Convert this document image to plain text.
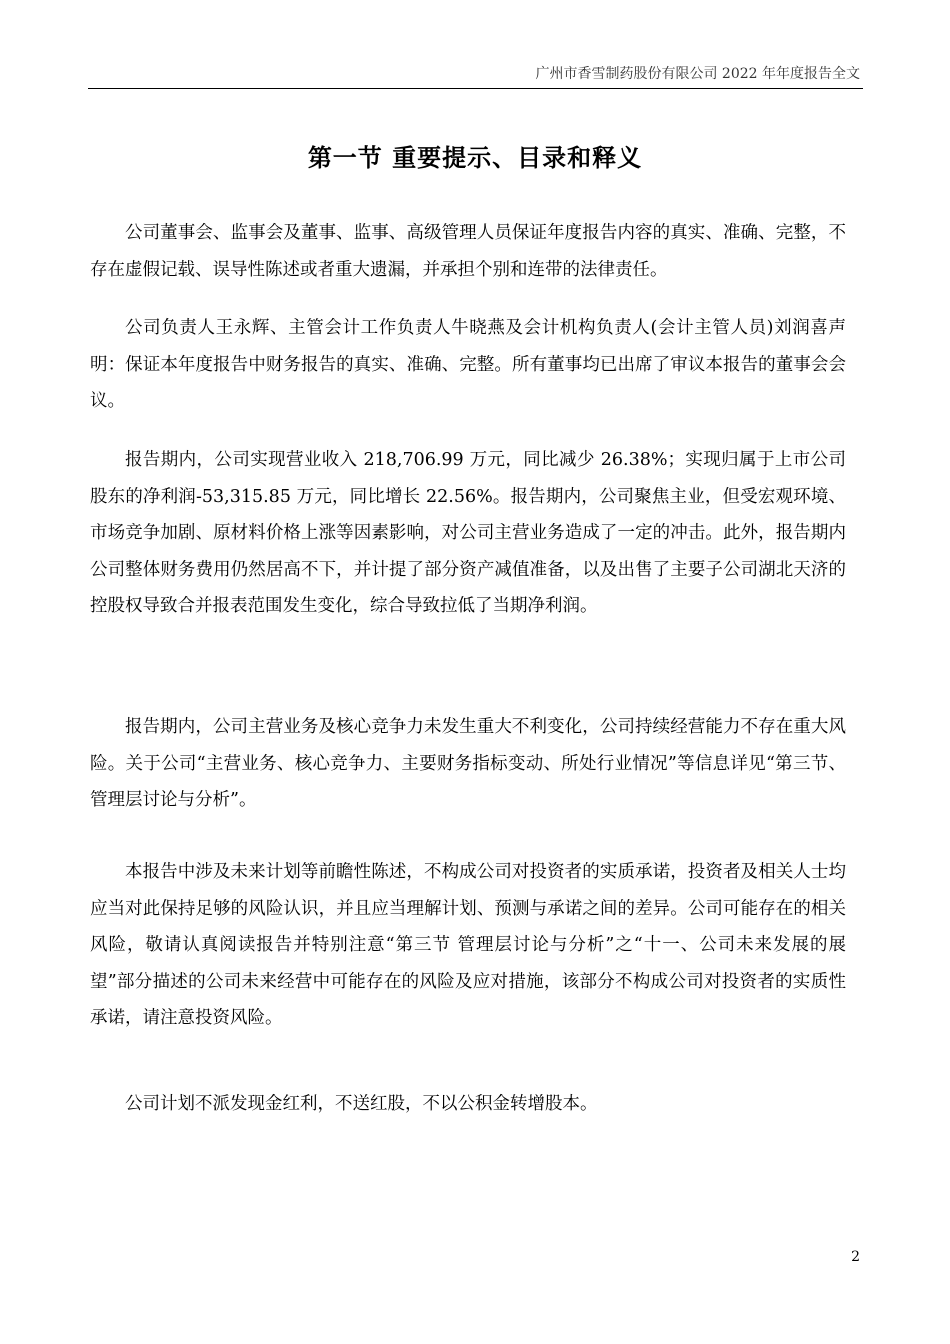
广州市香雪制药股份有限公司 2022 年年度报告全文
第一节 重要提示、目录和释义

公司董事会、监事会及董事、监事、高级管理人员保证年度报告内容的真实、准确、完整，不存在虚假记载、误导性陈述或者重大遗漏，并承担个别和连带的法律责任。

公司负责人王永辉、主管会计工作负责人牛晓燕及会计机构负责人(会计主管人员)刘润喜声明：保证本年度报告中财务报告的真实、准确、完整。所有董事均已出席了审议本报告的董事会会议。

报告期内，公司实现营业收入 218,706.99 万元，同比减少 26.38%；实现归属于上市公司股东的净利润-53,315.85 万元，同比增长 22.56%。报告期内，公司聚焦主业，但受宏观环境、市场竞争加剧、原材料价格上涨等因素影响，对公司主营业务造成了一定的冲击。此外，报告期内公司整体财务费用仍然居高不下，并计提了部分资产减值准备，以及出售了主要子公司湖北天济的控股权导致合并报表范围发生变化，综合导致拉低了当期净利润。

报告期内，公司主营业务及核心竞争力未发生重大不利变化，公司持续经营能力不存在重大风险。关于公司“主营业务、核心竞争力、主要财务指标变动、所处行业情况”等信息详见“第三节、管理层讨论与分析”。

本报告中涉及未来计划等前瞻性陈述，不构成公司对投资者的实质承诺，投资者及相关人士均应当对此保持足够的风险认识，并且应当理解计划、预测与承诺之间的差异。公司可能存在的相关风险，敬请认真阅读报告并特别注意“第三节 管理层讨论与分析”之“十一、公司未来发展的展望”部分描述的公司未来经营中可能存在的风险及应对措施，该部分不构成公司对投资者的实质性承诺，请注意投资风险。

公司计划不派发现金红利，不送红股，不以公积金转增股本。

2
